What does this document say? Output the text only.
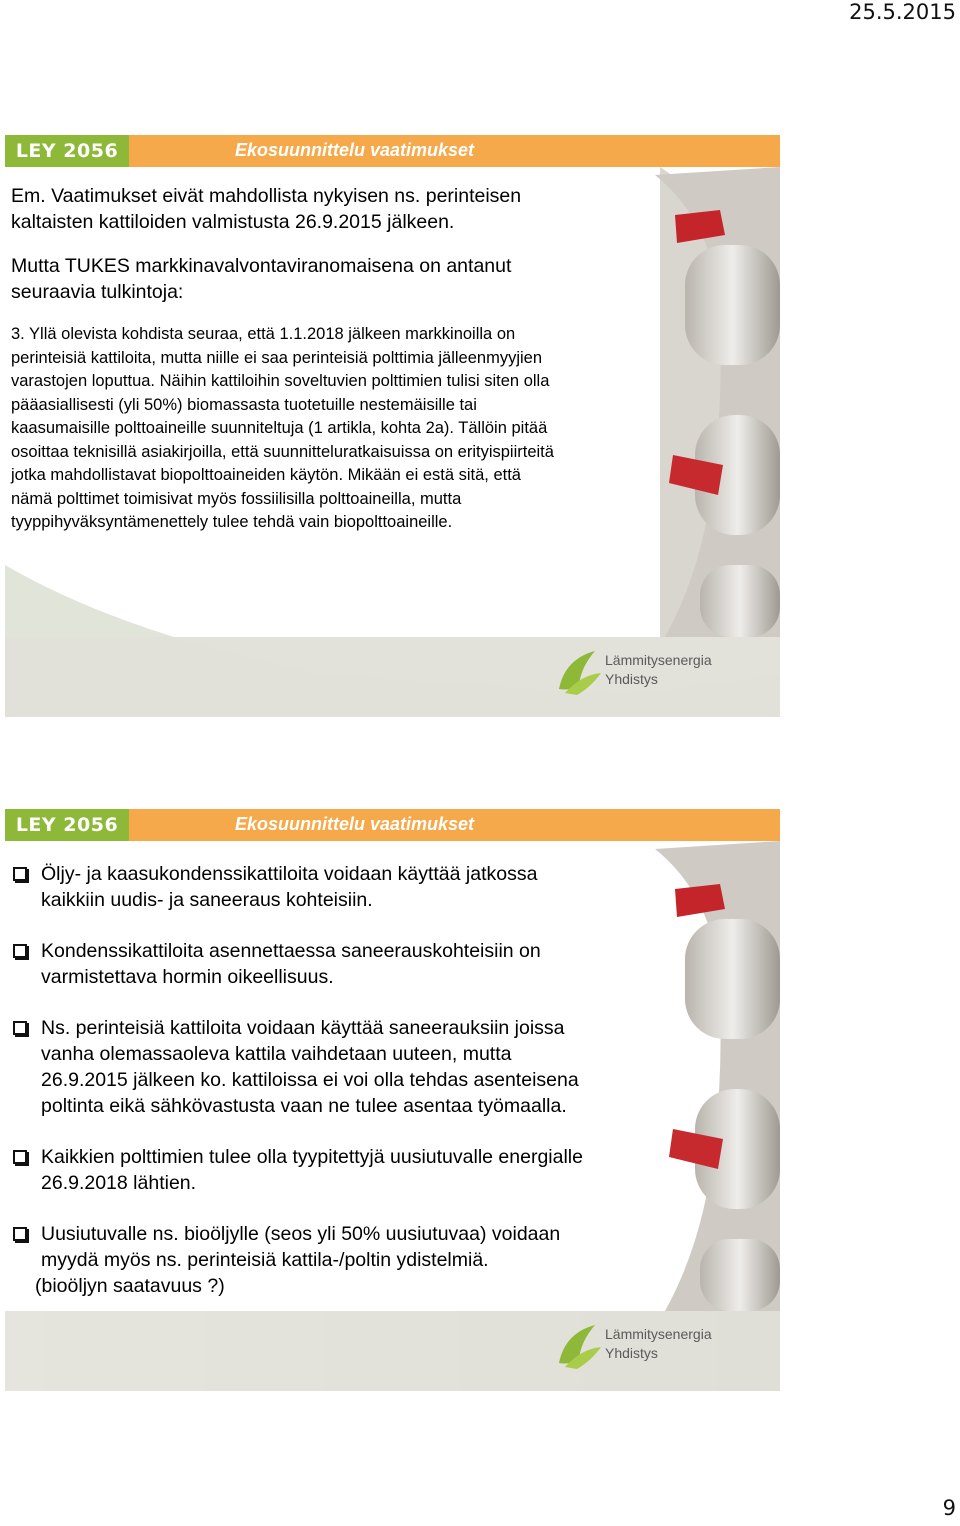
25.5.2015
LEY 2056	Ekosuunnittelu vaatimukset

Em. Vaatimukset eivät mahdollista nykyisen ns. perinteisen
kaltaisten kattiloiden valmistusta 26.9.2015 jälkeen.

Mutta TUKES markkinavalvontaviranomaisena on antanut
seuraavia tulkintoja:

3. Yllä olevista kohdista seuraa, että 1.1.2018 jälkeen markkinoilla on
perinteisiä kattiloita, mutta niille ei saa perinteisiä polttimia jälleenmyyjien
varastojen loputtua. Näihin kattiloihin soveltuvien polttimien tulisi siten olla
pääasiallisesti (yli 50%) biomassasta tuotetuille nestemäisille tai
kaasumaisille polttoaineille suunniteltuja (1 artikla, kohta 2a). Tällöin pitää
osoittaa teknisillä asiakirjoilla, että suunnitteluratkaisuissa on erityispiirteitä
jotka mahdollistavat biopolttoaineiden käytön. Mikään ei estä sitä, että
nämä polttimet toimisivat myös fossiilisilla polttoaineilla, mutta
tyyppihyväksyntämenettely tulee tehdä vain biopolttoaineille.

Lämmitysenergia
Yhdistys
LEY 2056	Ekosuunnittelu vaatimukset
Öljy- ja kaasukondenssikattiloita voidaan käyttää jatkossa
kaikkiin uudis- ja saneeraus kohteisiin.
Kondenssikattiloita asennettaessa saneerauskohteisiin on
varmistettava hormin oikeellisuus.
Ns. perinteisiä kattiloita voidaan käyttää saneerauksiin joissa
vanha olemassaoleva kattila vaihdetaan uuteen, mutta
26.9.2015 jälkeen ko. kattiloissa ei voi olla tehdas asenteisena
poltinta eikä sähkövastusta vaan ne tulee asentaa työmaalla.
Kaikkien polttimien tulee olla tyypitettyjä uusiutuvalle energialle
26.9.2018 lähtien.
Uusiutuvalle ns. bioöljylle (seos yli 50% uusiutuvaa) voidaan
myydä myös ns. perinteisiä kattila-/poltin ydistelmiä.
(bioöljyn saatavuus ?)
Lämmitysenergia
Yhdistys
9
